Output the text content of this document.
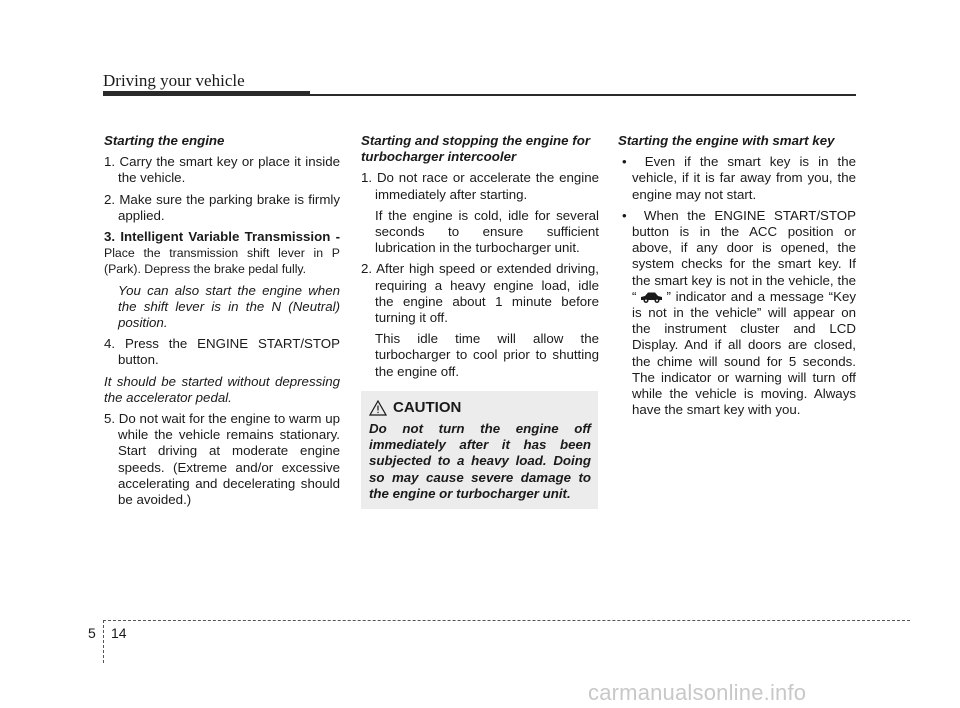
Driving your vehicle
Starting the engine
1. Carry the smart key or place it inside the vehicle.
2. Make sure the parking brake is firmly applied.
3. Intelligent Variable Transmission - Place the transmission shift lever in P (Park). Depress the brake pedal fully.
You can also start the engine when the shift lever is in the N (Neutral) position.
4. Press the ENGINE START/STOP button.
It should be started without depressing the accelerator pedal.
5. Do not wait for the engine to warm up while the vehicle remains stationary. Start driving at moderate engine speeds. (Extreme and/or excessive accelerating and decelerating should be avoided.)
Starting and stopping the engine for turbocharger intercooler
1. Do not race or accelerate the engine immediately after starting.
If the engine is cold, idle for several seconds to ensure sufficient lubrication in the turbocharger unit.
2. After high speed or extended driving, requiring a heavy engine load, idle the engine about 1 minute before turning it off.
This idle time will allow the turbocharger to cool prior to shutting the engine off.
CAUTION
Do not turn the engine off immediately after it has been subjected to a heavy load. Doing so may cause severe damage to the engine or turbocharger unit.
Starting the engine with smart key
•  Even if the smart key is in the vehicle, if it is far away from you, the engine may not start.
•  When the ENGINE START/STOP button is in the ACC position or above, if any door is opened, the system checks for the smart key. If the smart key is not in the vehicle, the “ ” indicator and a message “Key is not in the vehicle” will appear on the instrument cluster and LCD Display. And if all doors are closed, the chime will sound for 5 seconds. The indicator or warning will turn off while the vehicle is moving. Always have the smart key with you.
5 14
carmanualsonline.info
